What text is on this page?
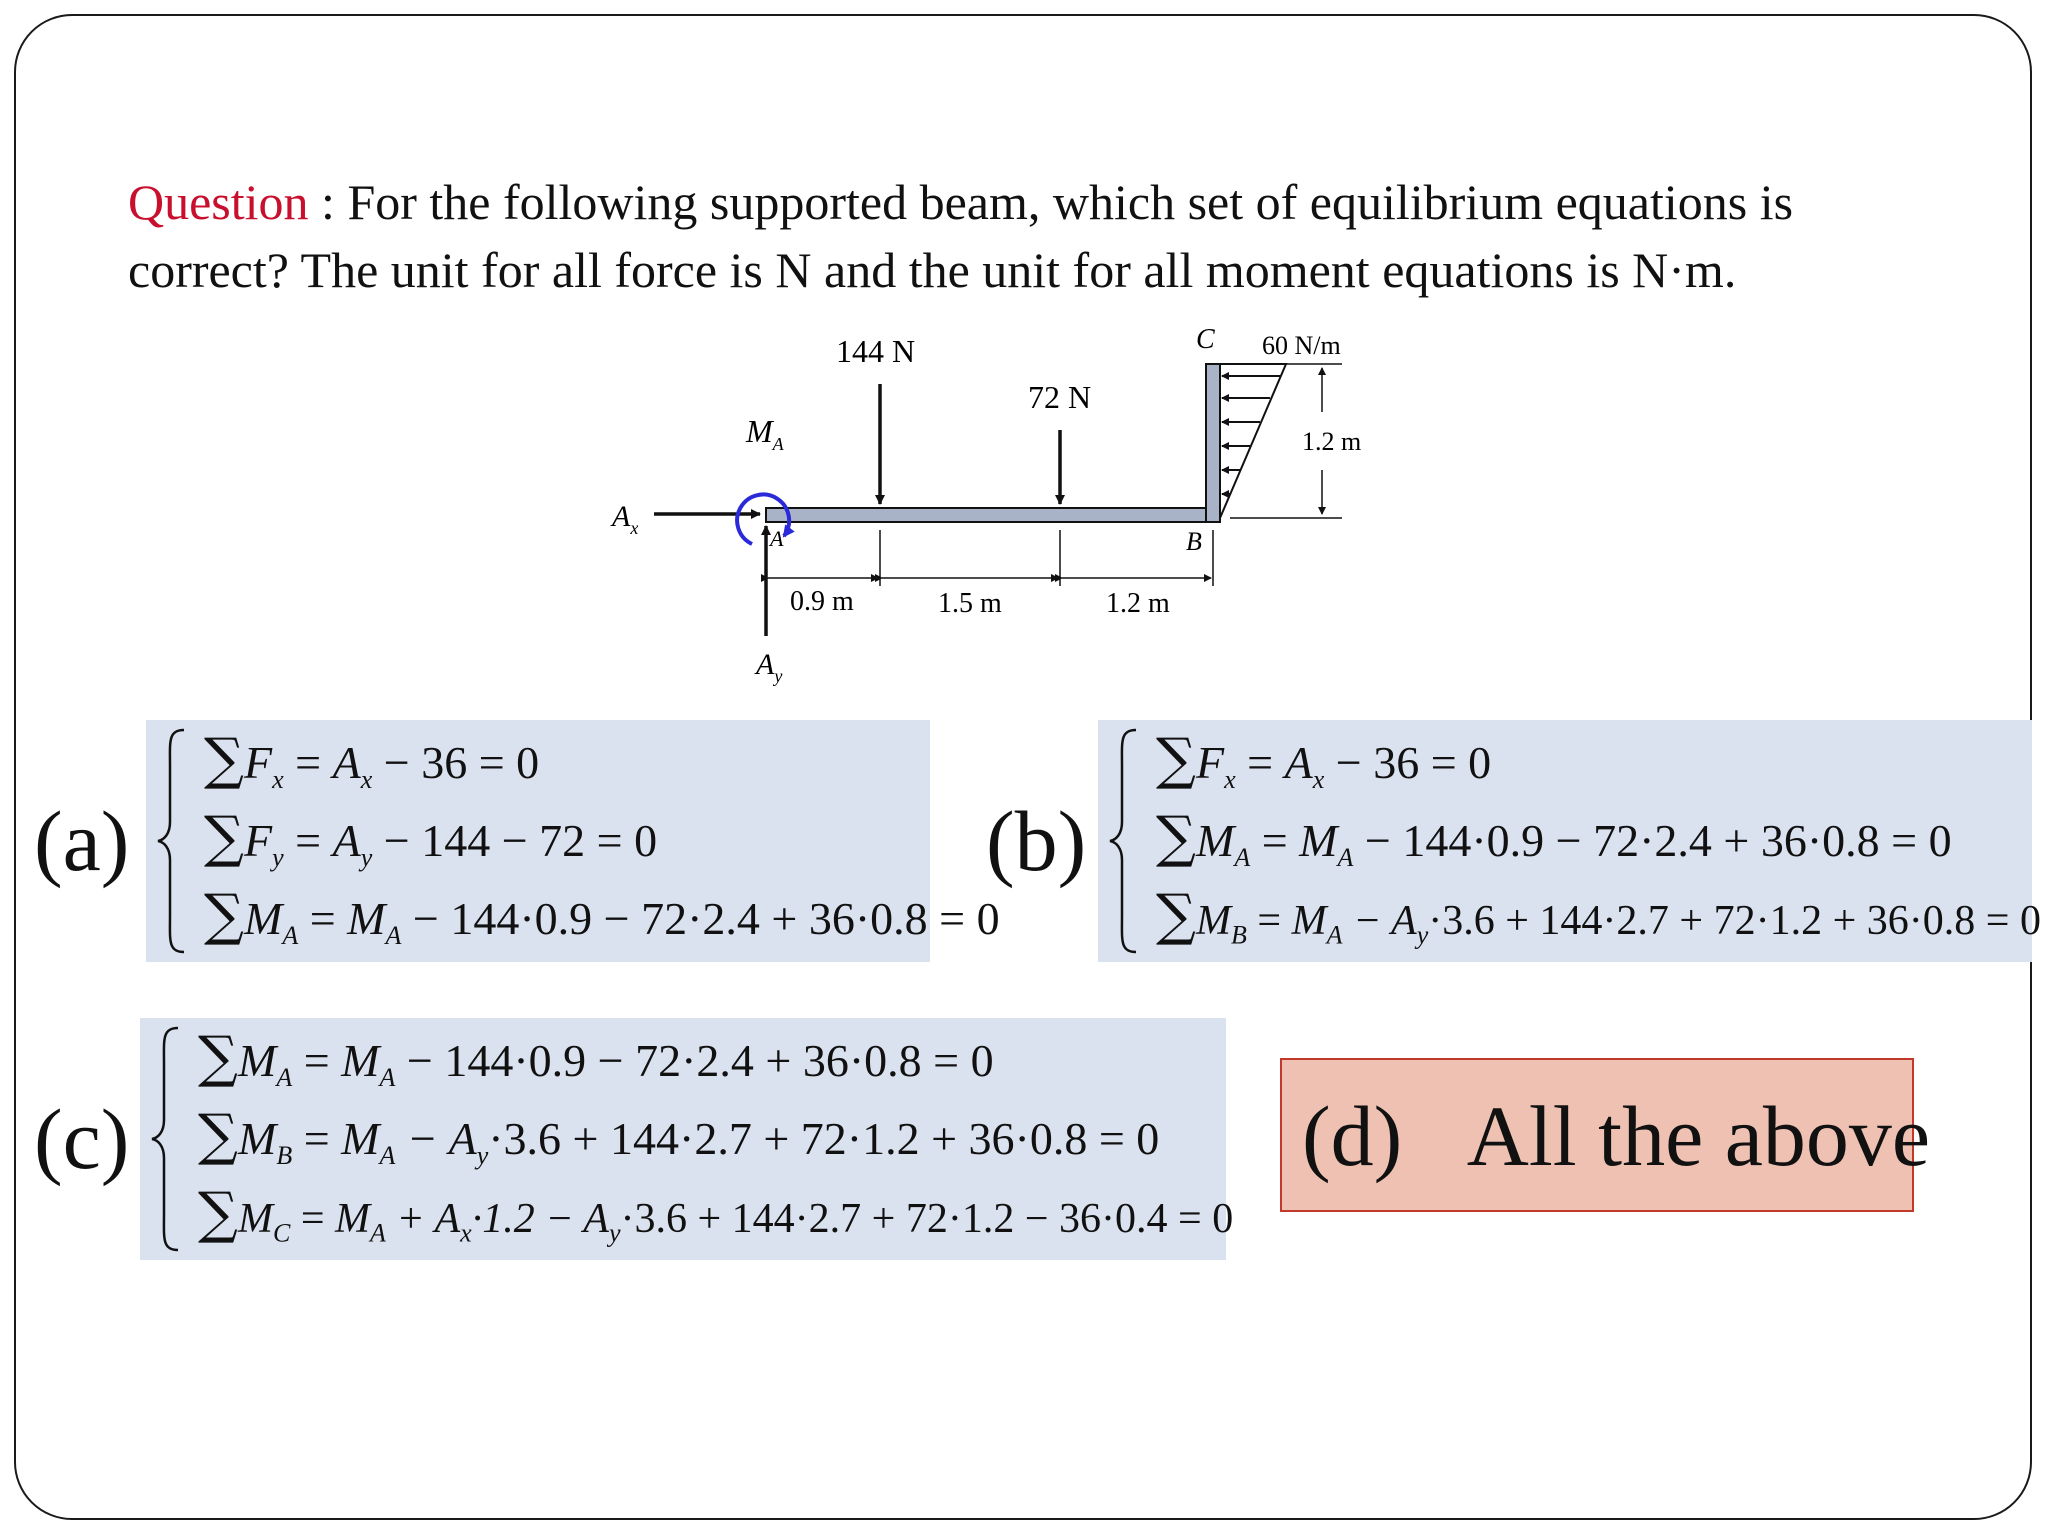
Question : For the following supported beam, which set of equilibrium equations is correct? The unit for all force is N and the unit for all moment equations is N·m.
1.2 m
144 N
72 N
60 N/m
C
B
$A_x$
$A_y$
A
$M_A$
0.9 m	1.5 m	1.2 m
(a)
$\sum F_x = A_x - 36 = 0$
$\sum F_y = A_y - 144 - 72 = 0$
$\sum M_A = M_A - 144\cdot 0.9 - 72\cdot 2.4 + 36\cdot 0.8 = 0$
(b)
$\sum F_x = A_x - 36 = 0$
$\sum M_A = M_A - 144\cdot 0.9 - 72\cdot 2.4 + 36\cdot 0.8 = 0$
$\sum M_B = M_A - A_y\cdot 3.6 + 144\cdot 2.7 + 72\cdot 1.2 + 36\cdot 0.8 = 0$
(c)
$\sum M_A = M_A - 144\cdot 0.9 - 72\cdot 2.4 + 36\cdot 0.8 = 0$
$\sum M_B = M_A - A_y\cdot 3.6 + 144\cdot 2.7 + 72\cdot 1.2 + 36\cdot 0.8 = 0$
$\sum M_C = M_A + A_x\cdot 1.2 - A_y\cdot 3.6 + 144\cdot 2.7 + 72\cdot 1.2 - 36\cdot 0.4 = 0$
(d) All the above
